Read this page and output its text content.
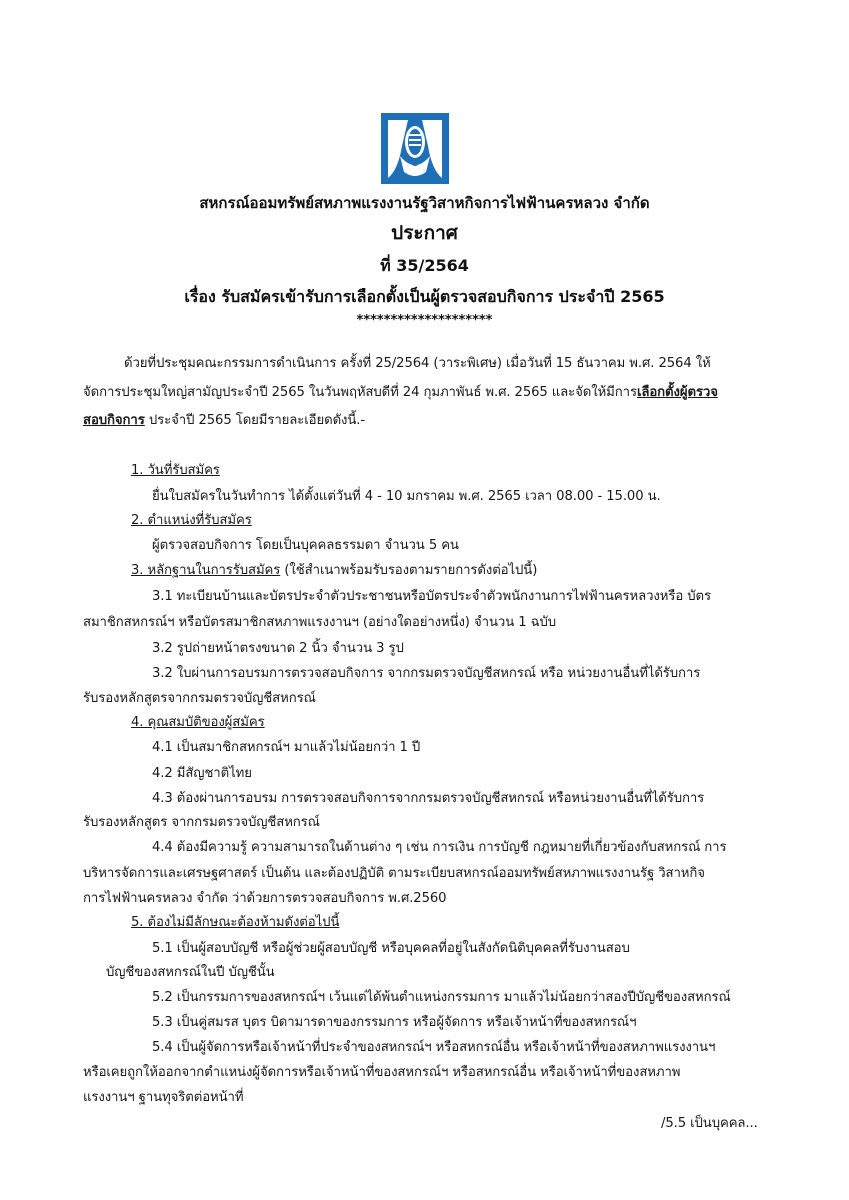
สหกรณ์ออมทรัพย์สหภาพแรงงานรัฐวิสาหกิจการไฟฟ้านครหลวง จำกัด
ประกาศ
ที่ 35/2564
เรื่อง รับสมัครเข้ารับการเลือกตั้งเป็นผู้ตรวจสอบกิจการ ประจำปี 2565
********************
ด้วยที่ประชุมคณะกรรมการดำเนินการ ครั้งที่ 25/2564 (วาระพิเศษ) เมื่อวันที่ 15 ธันวาคม พ.ศ. 2564 ให้
จัดการประชุมใหญ่สามัญประจำปี 2565 ในวันพฤหัสบดีที่ 24 กุมภาพันธ์ พ.ศ. 2565 และจัดให้มีการเลือกตั้งผู้ตรวจ
สอบกิจการ ประจำปี 2565 โดยมีรายละเอียดดังนี้.-
1. วันที่รับสมัคร
ยื่นใบสมัครในวันทำการ ได้ตั้งแต่วันที่ 4 - 10 มกราคม พ.ศ. 2565 เวลา 08.00 - 15.00 น.
2. ตำแหน่งที่รับสมัคร
ผู้ตรวจสอบกิจการ โดยเป็นบุคคลธรรมดา จำนวน 5 คน
3. หลักฐานในการรับสมัคร (ใช้สำเนาพร้อมรับรองตามรายการดังต่อไปนี้)
3.1 ทะเบียนบ้านและบัตรประจำตัวประชาชนหรือบัตรประจำตัวพนักงานการไฟฟ้านครหลวงหรือ บัตร
สมาชิกสหกรณ์ฯ หรือบัตรสมาชิกสหภาพแรงงานฯ (อย่างใดอย่างหนึ่ง) จำนวน 1 ฉบับ
3.2 รูปถ่ายหน้าตรงขนาด 2 นิ้ว จำนวน 3 รูป
3.2 ใบผ่านการอบรมการตรวจสอบกิจการ จากกรมตรวจบัญชีสหกรณ์ หรือ หน่วยงานอื่นที่ได้รับการ
รับรองหลักสูตรจากกรมตรวจบัญชีสหกรณ์
4. คุณสมบัติของผู้สมัคร
4.1 เป็นสมาชิกสหกรณ์ฯ มาแล้วไม่น้อยกว่า 1 ปี
4.2 มีสัญชาติไทย
4.3 ต้องผ่านการอบรม การตรวจสอบกิจการจากกรมตรวจบัญชีสหกรณ์ หรือหน่วยงานอื่นที่ได้รับการ
รับรองหลักสูตร จากกรมตรวจบัญชีสหกรณ์
4.4 ต้องมีความรู้ ความสามารถในด้านต่าง ๆ เช่น การเงิน การบัญชี กฎหมายที่เกี่ยวข้องกับสหกรณ์ การ
บริหารจัดการและเศรษฐศาสตร์ เป็นต้น และต้องปฏิบัติ ตามระเบียบสหกรณ์ออมทรัพย์สหภาพแรงงานรัฐ วิสาหกิจ
การไฟฟ้านครหลวง จำกัด ว่าด้วยการตรวจสอบกิจการ พ.ศ.2560
5. ต้องไม่มีลักษณะต้องห้ามดังต่อไปนี้
5.1 เป็นผู้สอบบัญชี หรือผู้ช่วยผู้สอบบัญชี หรือบุคคลที่อยู่ในสังกัดนิติบุคคลที่รับงานสอบ
บัญชีของสหกรณ์ในปี บัญชีนั้น
5.2 เป็นกรรมการของสหกรณ์ฯ เว้นแต่ได้พ้นตำแหน่งกรรมการ มาแล้วไม่น้อยกว่าสองปีบัญชีของสหกรณ์
5.3 เป็นคู่สมรส บุตร บิดามารดาของกรรมการ หรือผู้จัดการ หรือเจ้าหน้าที่ของสหกรณ์ฯ
5.4 เป็นผู้จัดการหรือเจ้าหน้าที่ประจำของสหกรณ์ฯ หรือสหกรณ์อื่น หรือเจ้าหน้าที่ของสหภาพแรงงานฯ
หรือเคยถูกให้ออกจากตำแหน่งผู้จัดการหรือเจ้าหน้าที่ของสหกรณ์ฯ หรือสหกรณ์อื่น หรือเจ้าหน้าที่ของสหภาพ
แรงงานฯ ฐานทุจริตต่อหน้าที่
/5.5 เป็นบุคคล...
